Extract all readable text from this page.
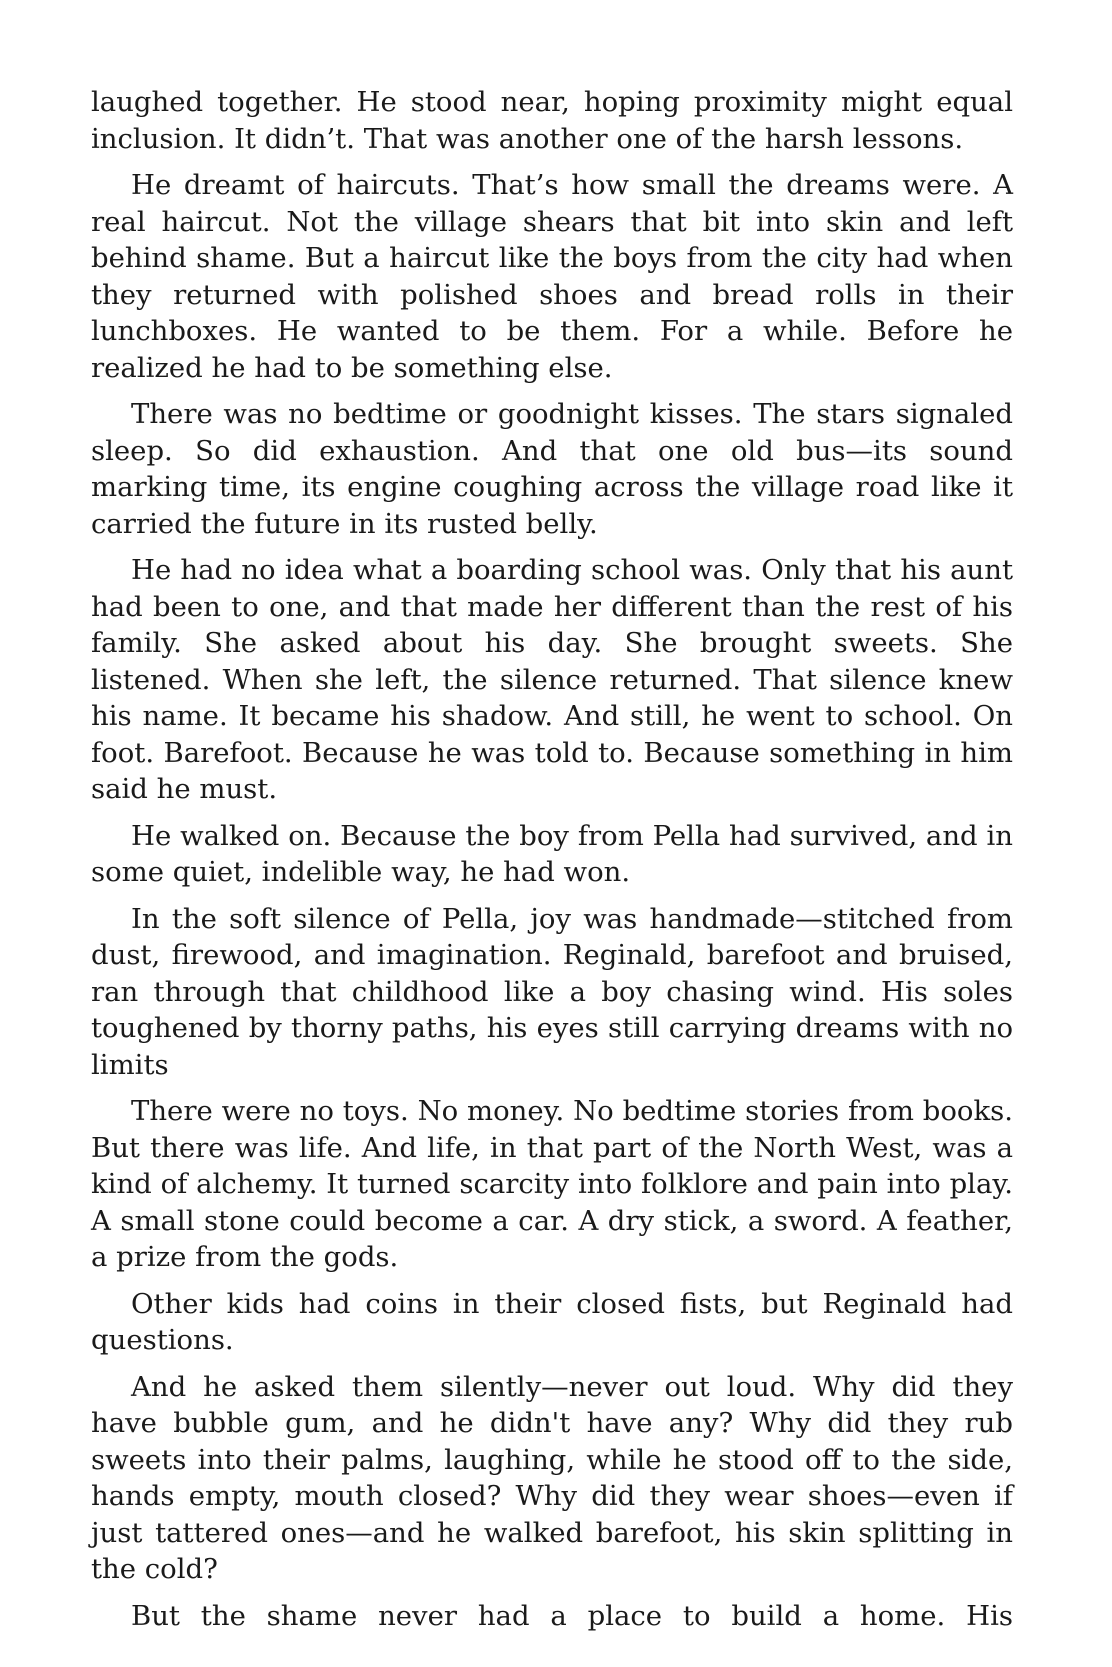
laughed together. He stood near, hoping proximity might equal inclusion. It didn’t. That was another one of the harsh lessons.

He dreamt of haircuts. That’s how small the dreams were. A real haircut. Not the village shears that bit into skin and left behind shame. But a haircut like the boys from the city had when they returned with polished shoes and bread rolls in their lunchboxes. He wanted to be them. For a while. Before he realized he had to be something else.

There was no bedtime or goodnight kisses. The stars signaled sleep. So did exhaustion. And that one old bus—its sound marking time, its engine coughing across the village road like it carried the future in its rusted belly.

He had no idea what a boarding school was. Only that his aunt had been to one, and that made her different than the rest of his family. She asked about his day. She brought sweets. She listened. When she left, the silence returned. That silence knew his name. It became his shadow. And still, he went to school. On foot. Barefoot. Because he was told to. Because something in him said he must.

He walked on. Because the boy from Pella had survived, and in some quiet, indelible way, he had won.

In the soft silence of Pella, joy was handmade—stitched from dust, firewood, and imagination. Reginald, barefoot and bruised, ran through that childhood like a boy chasing wind. His soles toughened by thorny paths, his eyes still carrying dreams with no limits

There were no toys. No money. No bedtime stories from books. But there was life. And life, in that part of the North West, was a kind of alchemy. It turned scarcity into folklore and pain into play. A small stone could become a car. A dry stick, a sword. A feather, a prize from the gods.

Other kids had coins in their closed fists, but Reginald had questions.

And he asked them silently—never out loud. Why did they have bubble gum, and he didn't have any? Why did they rub sweets into their palms, laughing, while he stood off to the side, hands empty, mouth closed? Why did they wear shoes—even if just tattered ones—and he walked barefoot, his skin splitting in the cold?

But the shame never had a place to build a home. His
